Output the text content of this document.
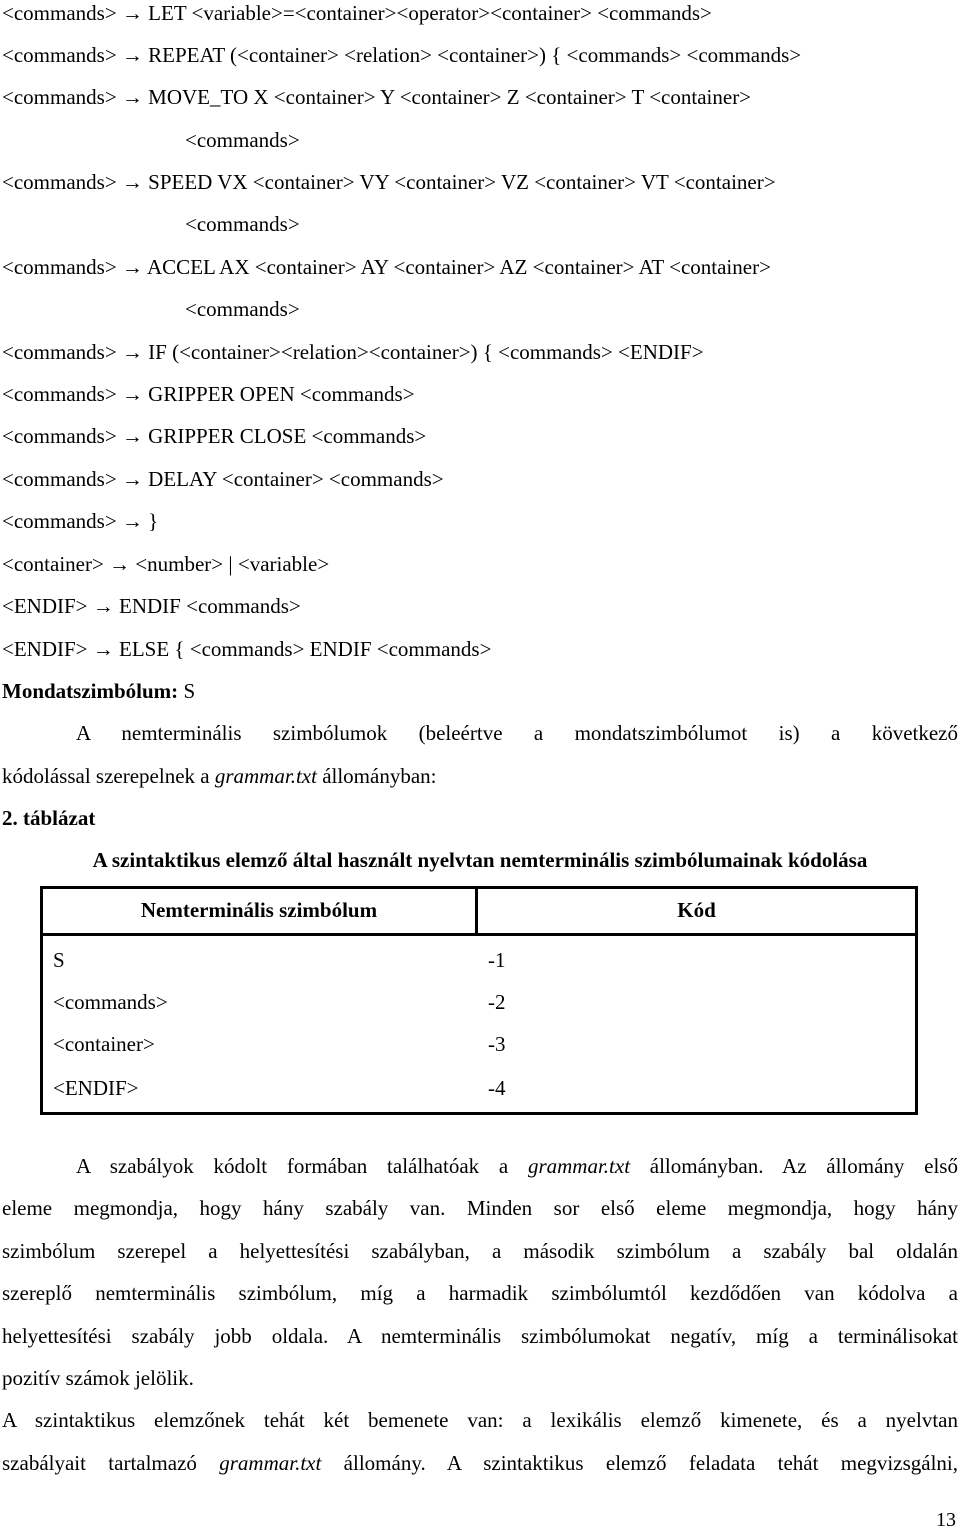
<commands> → LET <variable>=<container><operator><container> <commands>
<commands> → REPEAT (<container> <relation> <container>) { <commands> <commands>
<commands> → MOVE_TO X <container> Y <container> Z <container> T <container>
<commands>
<commands> → SPEED VX <container> VY <container> VZ <container> VT <container>
<commands>
<commands> → ACCEL AX <container> AY <container> AZ <container> AT <container>
<commands>
<commands> → IF (<container><relation><container>) { <commands> <ENDIF>
<commands> → GRIPPER OPEN <commands>
<commands> → GRIPPER CLOSE <commands>
<commands> → DELAY <container> <commands>
<commands> → }
<container> → <number> | <variable>
<ENDIF> → ENDIF <commands>
<ENDIF> → ELSE { <commands> ENDIF <commands>
Mondatszimbólum: S
A nemterminális szimbólumok (beleértve a mondatszimbólumot is) a következő
kódolással szerepelnek a grammar.txt állományban:
2. táblázat
A szintaktikus elemző által használt nyelvtan nemterminális szimbólumainak kódolása
Nemterminális szimbólum	Kód

S	-1
<commands>	-2
<container>	-3
<ENDIF>	-4
A szabályok kódolt formában találhatóak a grammar.txt állományban. Az állomány első
eleme megmondja, hogy hány szabály van. Minden sor első eleme megmondja, hogy hány
szimbólum szerepel a helyettesítési szabályban, a második szimbólum a szabály bal oldalán
szereplő nemterminális szimbólum, míg a harmadik szimbólumtól kezdődően van kódolva a
helyettesítési szabály jobb oldala. A nemterminális szimbólumokat negatív, míg a terminálisokat
pozitív számok jelölik.
A szintaktikus elemzőnek tehát két bemenete van: a lexikális elemző kimenete, és a nyelvtan
szabályait tartalmazó grammar.txt állomány. A szintaktikus elemző feladata tehát megvizsgálni,
13
